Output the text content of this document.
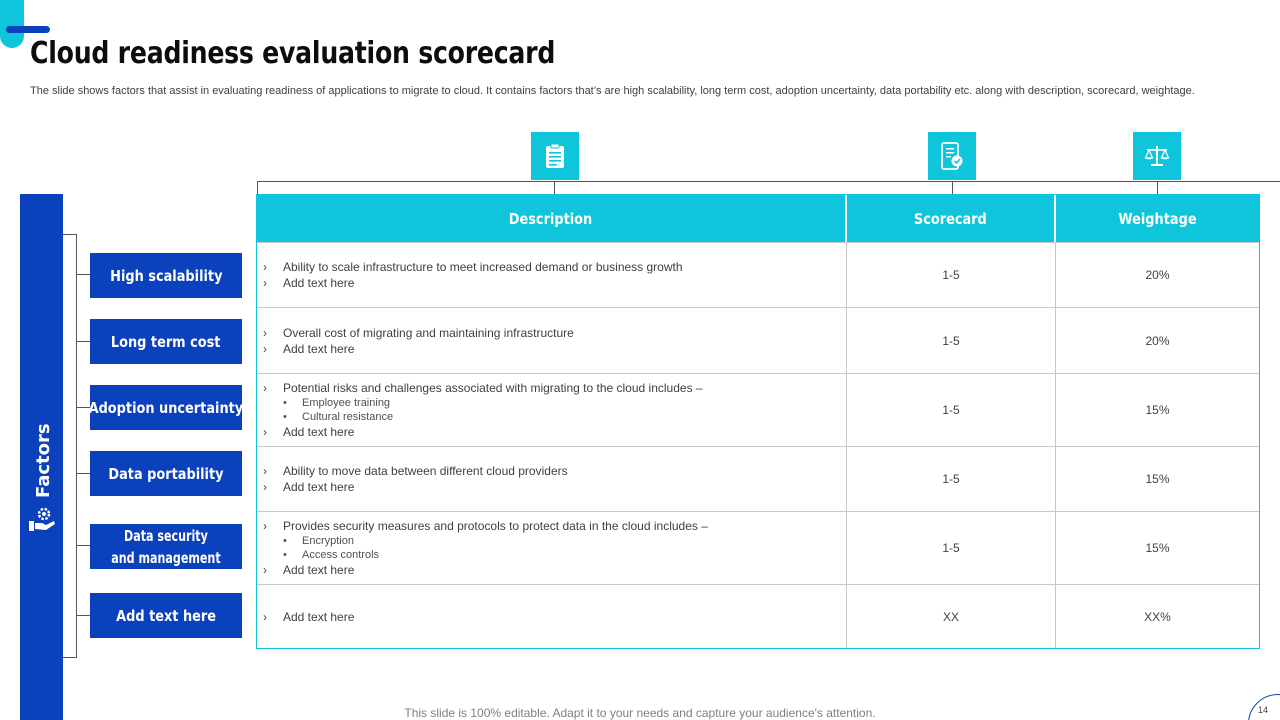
Cloud readiness evaluation scorecard
The slide shows factors that assist in evaluating readiness of applications to migrate to cloud. It contains factors that’s are high scalability, long term cost, adoption uncertainty, data portability etc. along with description, scorecard, weightage.
Factors
High scalability
Long term cost
Adoption uncertainty
Data portability
Data security
and management
Add text here
Description	Scorecard	Weightage
›	Ability to scale infrastructure to meet increased demand or business growth
›	Add text here
1-5	20%
›	Overall cost of migrating and maintaining infrastructure
›	Add text here
1-5	20%
›	Potential risks and challenges associated with migrating to the cloud includes –
•	Employee training
•	Cultural resistance
›	Add text here
1-5	15%
›	Ability to move data between different cloud providers
›	Add text here
1-5	15%
›	Provides security measures and protocols to protect data in the cloud includes –
•	Encryption
•	Access controls
›	Add text here
1-5	15%
›	Add text here	XX	XX%
This slide is 100% editable. Adapt it to your needs and capture your audience's attention.	14
